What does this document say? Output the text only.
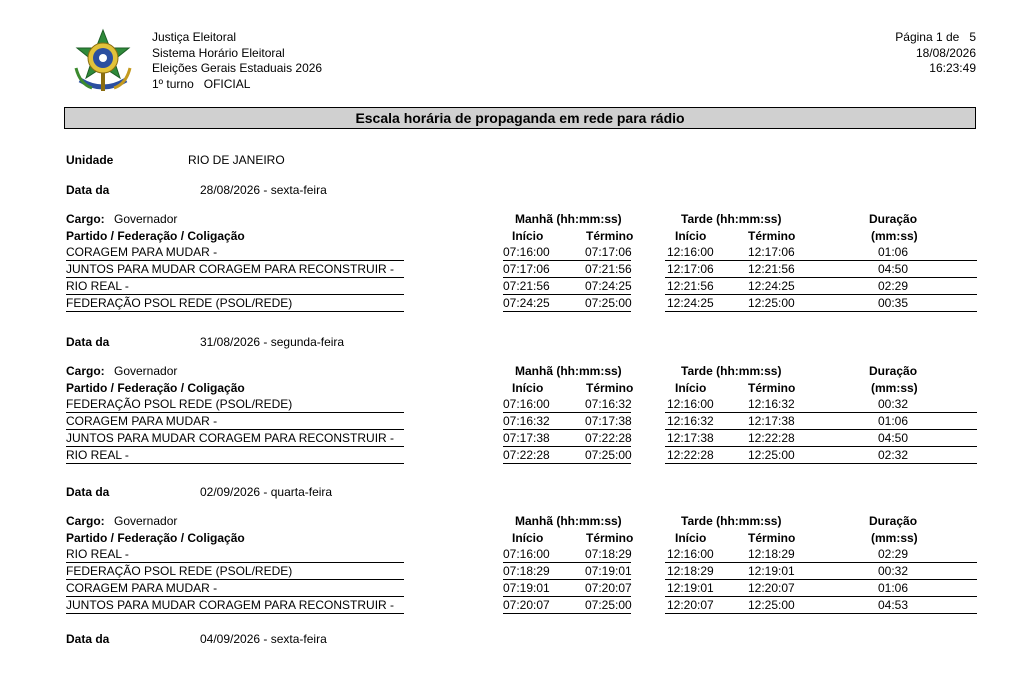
Justiça Eleitoral
Sistema Horário Eleitoral
Eleições Gerais Estaduais 2026
1º turno   OFICIAL
Página 1 de   5
18/08/2026
16:23:49
Escala horária de propaganda em rede para rádio
Unidade	RIO DE JANEIRO
Data da	28/08/2026 - sexta-feira
Cargo: Governador	Manhã (hh:mm:ss)	Tarde (hh:mm:ss)	Duração
Partido / Federação / Coligação	Início	Término	Início	Término	(mm:ss)
CORAGEM PARA MUDAR -	07:16:00	07:17:06	12:16:00	12:17:06	01:06
JUNTOS PARA MUDAR CORAGEM PARA RECONSTRUIR -	07:17:06	07:21:56	12:17:06	12:21:56	04:50
RIO REAL -	07:21:56	07:24:25	12:21:56	12:24:25	02:29
FEDERAÇÃO PSOL REDE (PSOL/REDE)	07:24:25	07:25:00	12:24:25	12:25:00	00:35
Data da	31/08/2026 - segunda-feira
Cargo: Governador	Manhã (hh:mm:ss)	Tarde (hh:mm:ss)	Duração
Partido / Federação / Coligação	Início	Término	Início	Término	(mm:ss)
FEDERAÇÃO PSOL REDE (PSOL/REDE)	07:16:00	07:16:32	12:16:00	12:16:32	00:32
CORAGEM PARA MUDAR -	07:16:32	07:17:38	12:16:32	12:17:38	01:06
JUNTOS PARA MUDAR CORAGEM PARA RECONSTRUIR -	07:17:38	07:22:28	12:17:38	12:22:28	04:50
RIO REAL -	07:22:28	07:25:00	12:22:28	12:25:00	02:32
Data da	02/09/2026 - quarta-feira
Cargo: Governador	Manhã (hh:mm:ss)	Tarde (hh:mm:ss)	Duração
Partido / Federação / Coligação	Início	Término	Início	Término	(mm:ss)
RIO REAL -	07:16:00	07:18:29	12:16:00	12:18:29	02:29
FEDERAÇÃO PSOL REDE (PSOL/REDE)	07:18:29	07:19:01	12:18:29	12:19:01	00:32
CORAGEM PARA MUDAR -	07:19:01	07:20:07	12:19:01	12:20:07	01:06
JUNTOS PARA MUDAR CORAGEM PARA RECONSTRUIR -	07:20:07	07:25:00	12:20:07	12:25:00	04:53
Data da	04/09/2026 - sexta-feira
